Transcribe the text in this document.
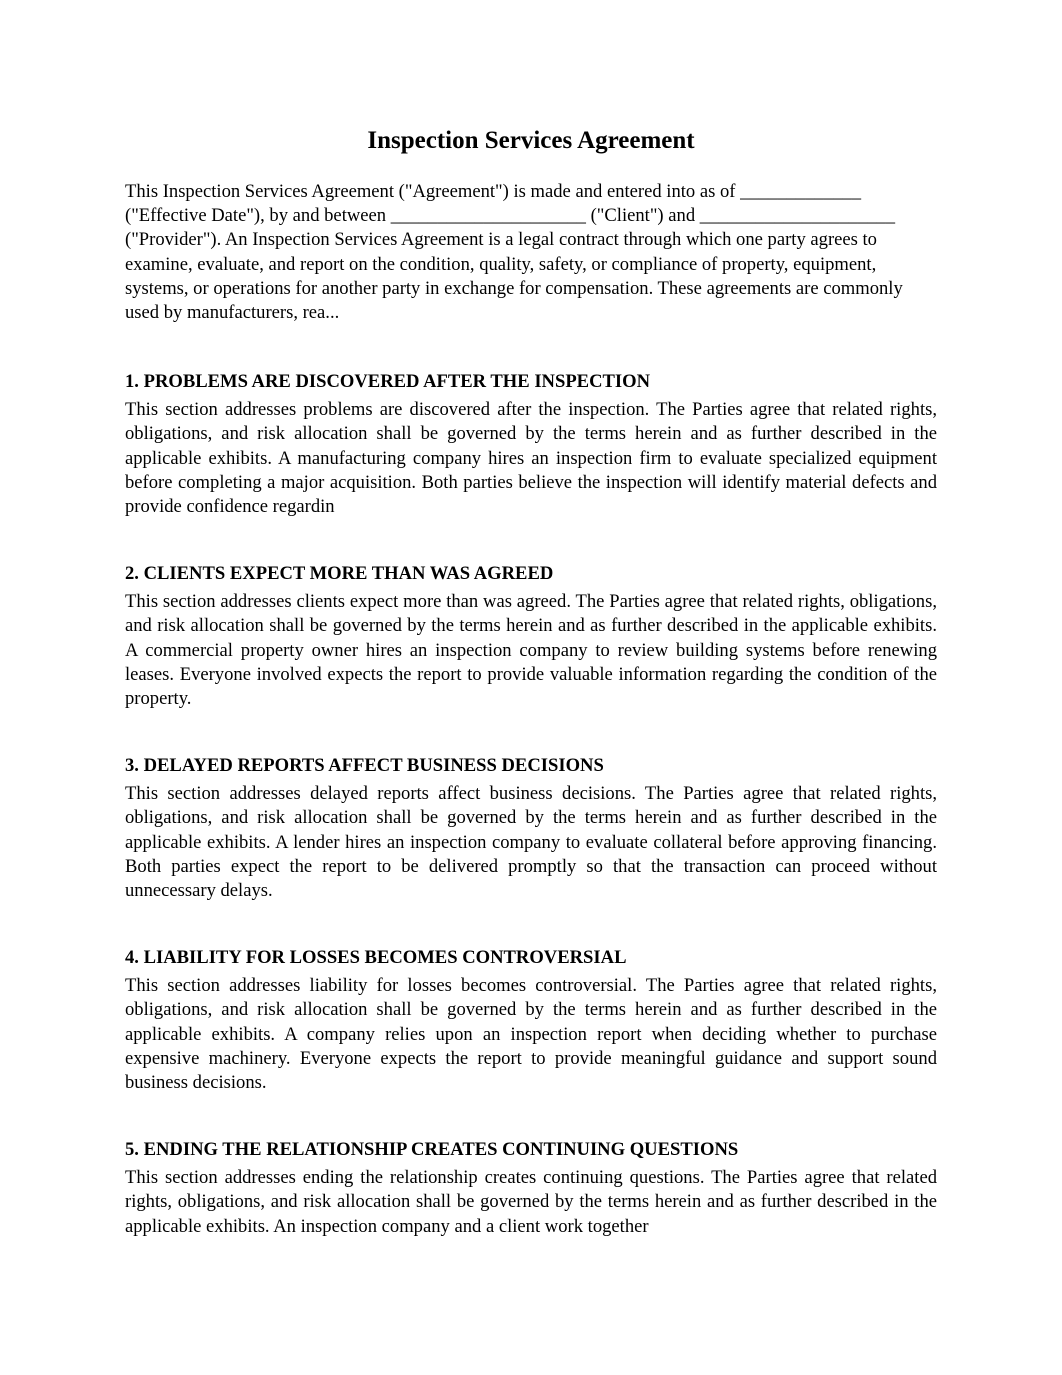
Inspection Services Agreement

This Inspection Services Agreement ("Agreement") is made and entered into as of _____________ ("Effective Date"), by and between _____________________ ("Client") and _____________________ ("Provider"). An Inspection Services Agreement is a legal contract through which one party agrees to examine, evaluate, and report on the condition, quality, safety, or compliance of property, equipment, systems, or operations for another party in exchange for compensation. These agreements are commonly used by manufacturers, rea...

1. PROBLEMS ARE DISCOVERED AFTER THE INSPECTION

This section addresses problems are discovered after the inspection. The Parties agree that related rights, obligations, and risk allocation shall be governed by the terms herein and as further described in the applicable exhibits. A manufacturing company hires an inspection firm to evaluate specialized equipment before completing a major acquisition. Both parties believe the inspection will identify material defects and provide confidence regardin

2. CLIENTS EXPECT MORE THAN WAS AGREED

This section addresses clients expect more than was agreed. The Parties agree that related rights, obligations, and risk allocation shall be governed by the terms herein and as further described in the applicable exhibits. A commercial property owner hires an inspection company to review building systems before renewing leases. Everyone involved expects the report to provide valuable information regarding the condition of the property.

3. DELAYED REPORTS AFFECT BUSINESS DECISIONS

This section addresses delayed reports affect business decisions. The Parties agree that related rights, obligations, and risk allocation shall be governed by the terms herein and as further described in the applicable exhibits. A lender hires an inspection company to evaluate collateral before approving financing. Both parties expect the report to be delivered promptly so that the transaction can proceed without unnecessary delays.

4. LIABILITY FOR LOSSES BECOMES CONTROVERSIAL

This section addresses liability for losses becomes controversial. The Parties agree that related rights, obligations, and risk allocation shall be governed by the terms herein and as further described in the applicable exhibits. A company relies upon an inspection report when deciding whether to purchase expensive machinery. Everyone expects the report to provide meaningful guidance and support sound business decisions.

5. ENDING THE RELATIONSHIP CREATES CONTINUING QUESTIONS

This section addresses ending the relationship creates continuing questions. The Parties agree that related rights, obligations, and risk allocation shall be governed by the terms herein and as further described in the applicable exhibits. An inspection company and a client work together
